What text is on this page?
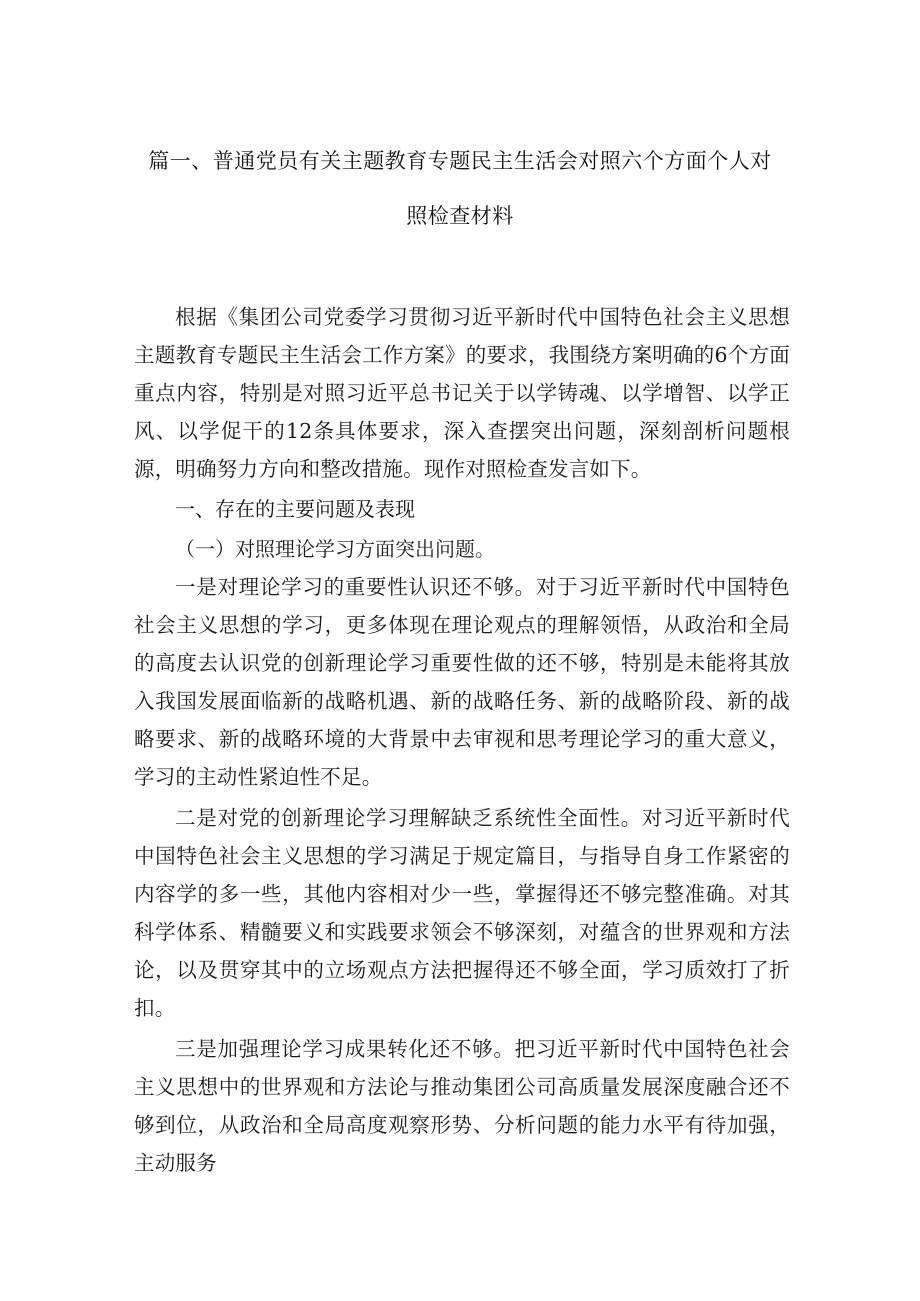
篇一、普通党员有关主题教育专题民主生活会对照六个方面个人对
照检查材料

根据《集团公司党委学习贯彻习近平新时代中国特色社会主义思想主题教育专题民主生活会工作方案》的要求，我围绕方案明确的6个方面重点内容，特别是对照习近平总书记关于以学铸魂、以学增智、以学正风、以学促干的12条具体要求，深入查摆突出问题，深刻剖析问题根源，明确努力方向和整改措施。现作对照检查发言如下。

一、存在的主要问题及表现

（一）对照理论学习方面突出问题。

一是对理论学习的重要性认识还不够。对于习近平新时代中国特色社会主义思想的学习，更多体现在理论观点的理解领悟，从政治和全局的高度去认识党的创新理论学习重要性做的还不够，特别是未能将其放入我国发展面临新的战略机遇、新的战略任务、新的战略阶段、新的战略要求、新的战略环境的大背景中去审视和思考理论学习的重大意义，学习的主动性紧迫性不足。

二是对党的创新理论学习理解缺乏系统性全面性。对习近平新时代中国特色社会主义思想的学习满足于规定篇目，与指导自身工作紧密的内容学的多一些，其他内容相对少一些，掌握得还不够完整准确。对其科学体系、精髓要义和实践要求领会不够深刻，对蕴含的世界观和方法论，以及贯穿其中的立场观点方法把握得还不够全面，学习质效打了折扣。

三是加强理论学习成果转化还不够。把习近平新时代中国特色社会主义思想中的世界观和方法论与推动集团公司高质量发展深度融合还不够到位，从政治和全局高度观察形势、分析问题的能力水平有待加强，主动服务
